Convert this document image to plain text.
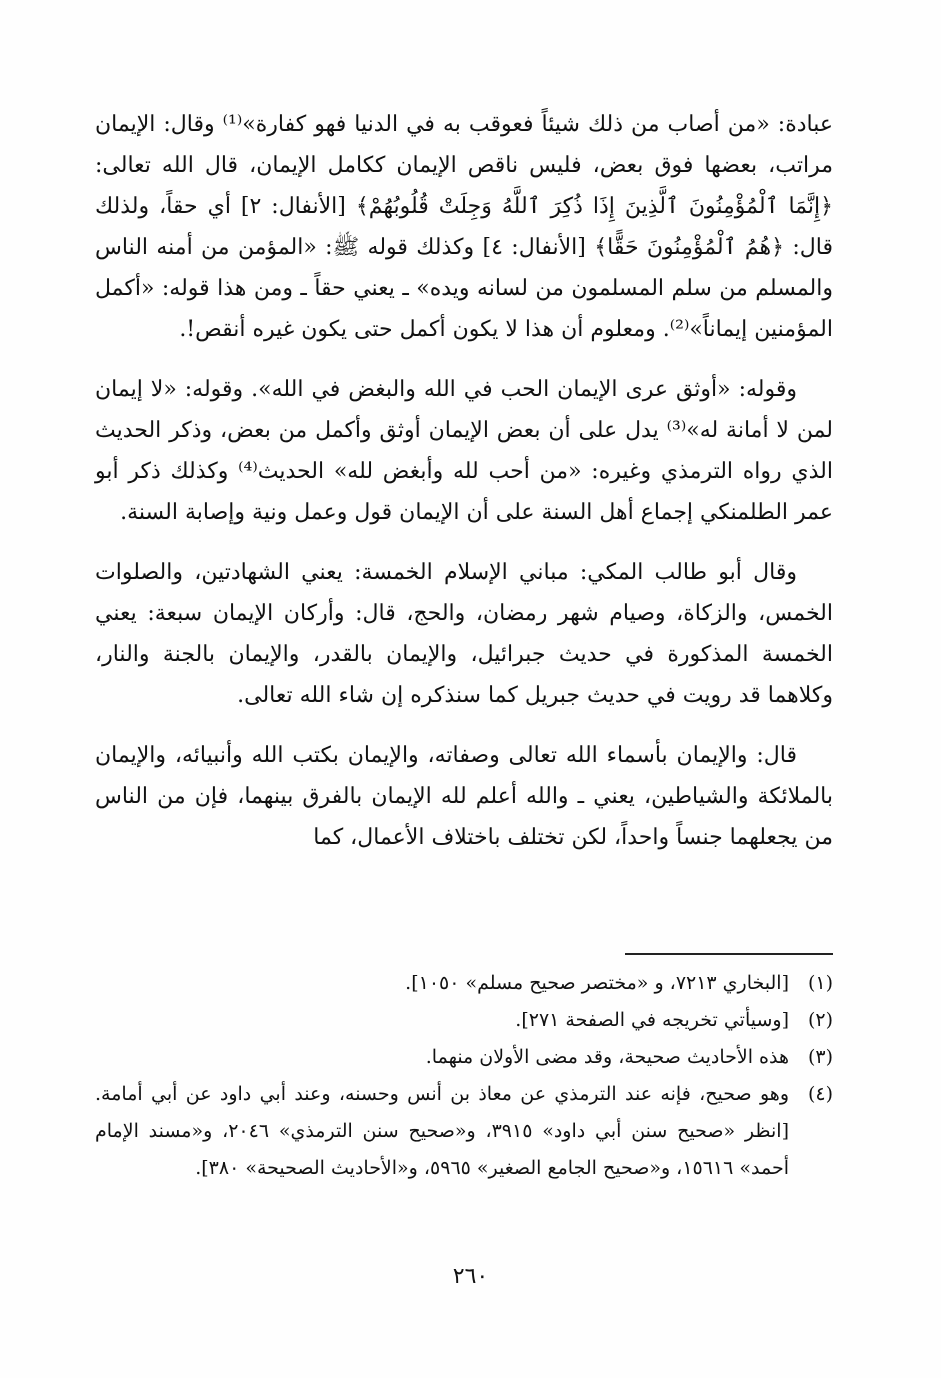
عبادة: «من أصاب من ذلك شيئاً فعوقب به في الدنيا فهو كفارة»⁽¹⁾ وقال: الإيمان مراتب، بعضها فوق بعض، فليس ناقص الإيمان ككامل الإيمان، قال الله تعالى: ﴿إِنَّمَا ٱلْمُؤْمِنُونَ ٱلَّذِينَ إِذَا ذُكِرَ ٱللَّهُ وَجِلَتْ قُلُوبُهُمْ﴾ [الأنفال: ٢] أي حقاً، ولذلك قال: ﴿هُمُ ٱلْمُؤْمِنُونَ حَقًّا﴾ [الأنفال: ٤] وكذلك قوله ﷺ: «المؤمن من أمنه الناس والمسلم من سلم المسلمون من لسانه ويده» ـ يعني حقاً ـ ومن هذا قوله: «أكمل المؤمنين إيماناً»⁽²⁾. ومعلوم أن هذا لا يكون أكمل حتى يكون غيره أنقص!.

وقوله: «أوثق عرى الإيمان الحب في الله والبغض في الله». وقوله: «لا إيمان لمن لا أمانة له»⁽³⁾ يدل على أن بعض الإيمان أوثق وأكمل من بعض، وذكر الحديث الذي رواه الترمذي وغيره: «من أحب لله وأبغض لله» الحديث⁽⁴⁾ وكذلك ذكر أبو عمر الطلمنكي إجماع أهل السنة على أن الإيمان قول وعمل ونية وإصابة السنة.

وقال أبو طالب المكي: مباني الإسلام الخمسة: يعني الشهادتين، والصلوات الخمس، والزكاة، وصيام شهر رمضان، والحج، قال: وأركان الإيمان سبعة: يعني الخمسة المذكورة في حديث جبرائيل، والإيمان بالقدر، والإيمان بالجنة والنار، وكلاهما قد رويت في حديث جبريل كما سنذكره إن شاء الله تعالى.

قال: والإيمان بأسماء الله تعالى وصفاته، والإيمان بكتب الله وأنبيائه، والإيمان بالملائكة والشياطين، يعني ـ والله أعلم لله الإيمان بالفرق بينهما، فإن من الناس من يجعلهما جنساً واحداً، لكن تختلف باختلاف الأعمال، كما

(١)
[البخاري ٧٢١٣، و «مختصر صحيح مسلم» ١٠٥٠].
(٢)
[وسيأتي تخريجه في الصفحة ٢٧١].
(٣)
هذه الأحاديث صحيحة، وقد مضى الأولان منهما.
(٤)
وهو صحيح، فإنه عند الترمذي عن معاذ بن أنس وحسنه، وعند أبي داود عن أبي أمامة. [انظر «صحيح سنن أبي داود» ٣٩١٥، و«صحيح سنن الترمذي» ٢٠٤٦، و«مسند الإمام أحمد» ١٥٦١٦، و«صحيح الجامع الصغير» ٥٩٦٥، و«الأحاديث الصحيحة» ٣٨٠].
٢٦٠
